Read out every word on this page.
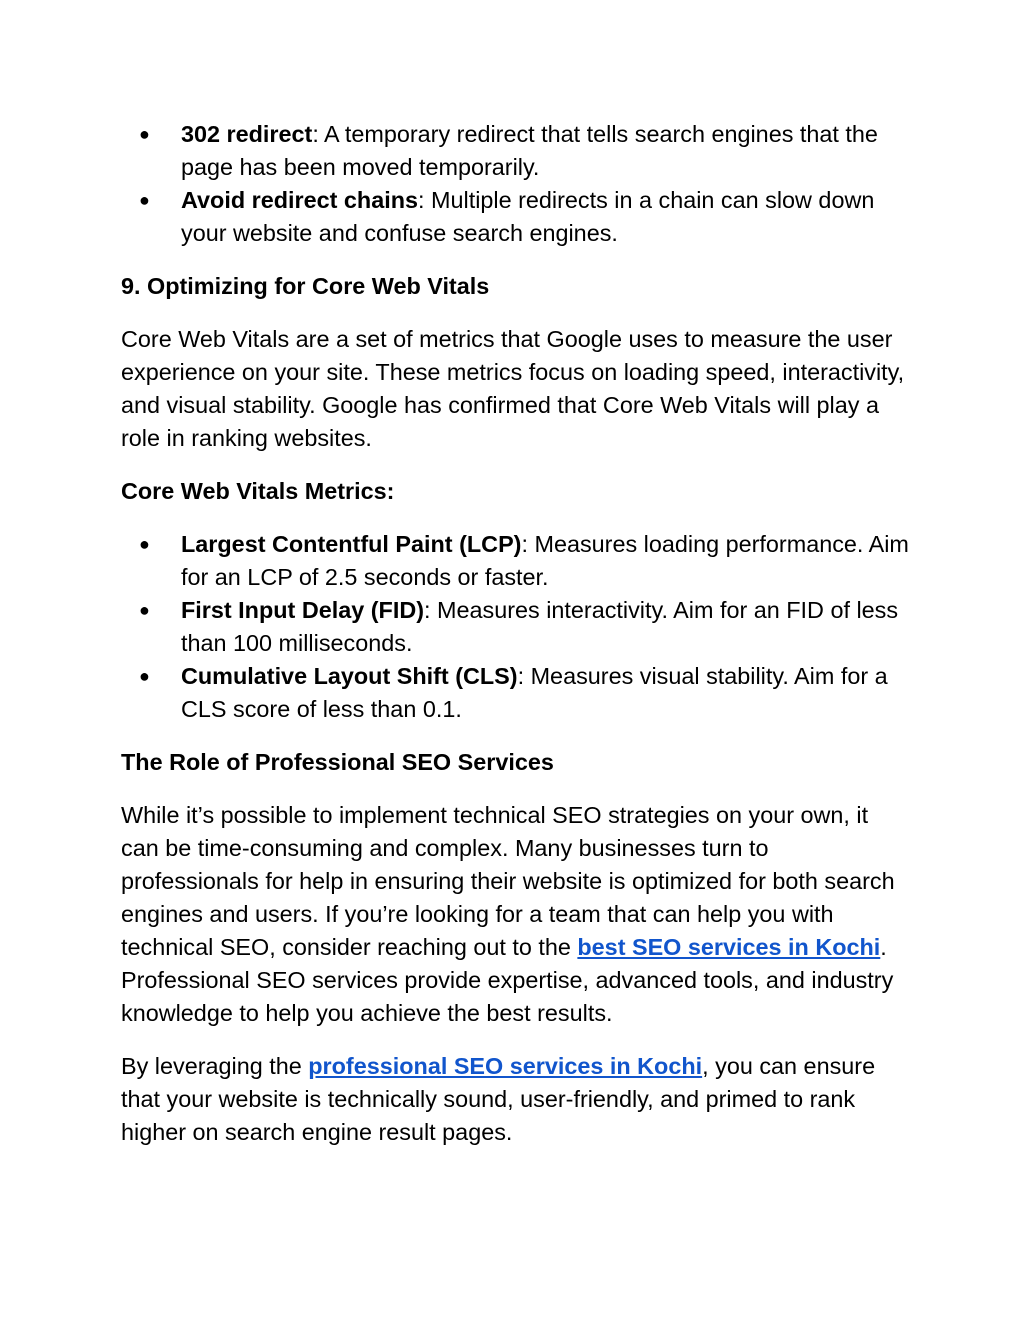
● 302 redirect: A temporary redirect that tells search engines that the page has been moved temporarily.
● Avoid redirect chains: Multiple redirects in a chain can slow down your website and confuse search engines.

9. Optimizing for Core Web Vitals

Core Web Vitals are a set of metrics that Google uses to measure the user experience on your site. These metrics focus on loading speed, interactivity, and visual stability. Google has confirmed that Core Web Vitals will play a role in ranking websites.

Core Web Vitals Metrics:

● Largest Contentful Paint (LCP): Measures loading performance. Aim for an LCP of 2.5 seconds or faster.
● First Input Delay (FID): Measures interactivity. Aim for an FID of less than 100 milliseconds.
● Cumulative Layout Shift (CLS): Measures visual stability. Aim for a CLS score of less than 0.1.

The Role of Professional SEO Services

While it’s possible to implement technical SEO strategies on your own, it can be time-consuming and complex. Many businesses turn to professionals for help in ensuring their website is optimized for both search engines and users. If you’re looking for a team that can help you with technical SEO, consider reaching out to the best SEO services in Kochi. Professional SEO services provide expertise, advanced tools, and industry knowledge to help you achieve the best results.

By leveraging the professional SEO services in Kochi, you can ensure that your website is technically sound, user-friendly, and primed to rank higher on search engine result pages.
